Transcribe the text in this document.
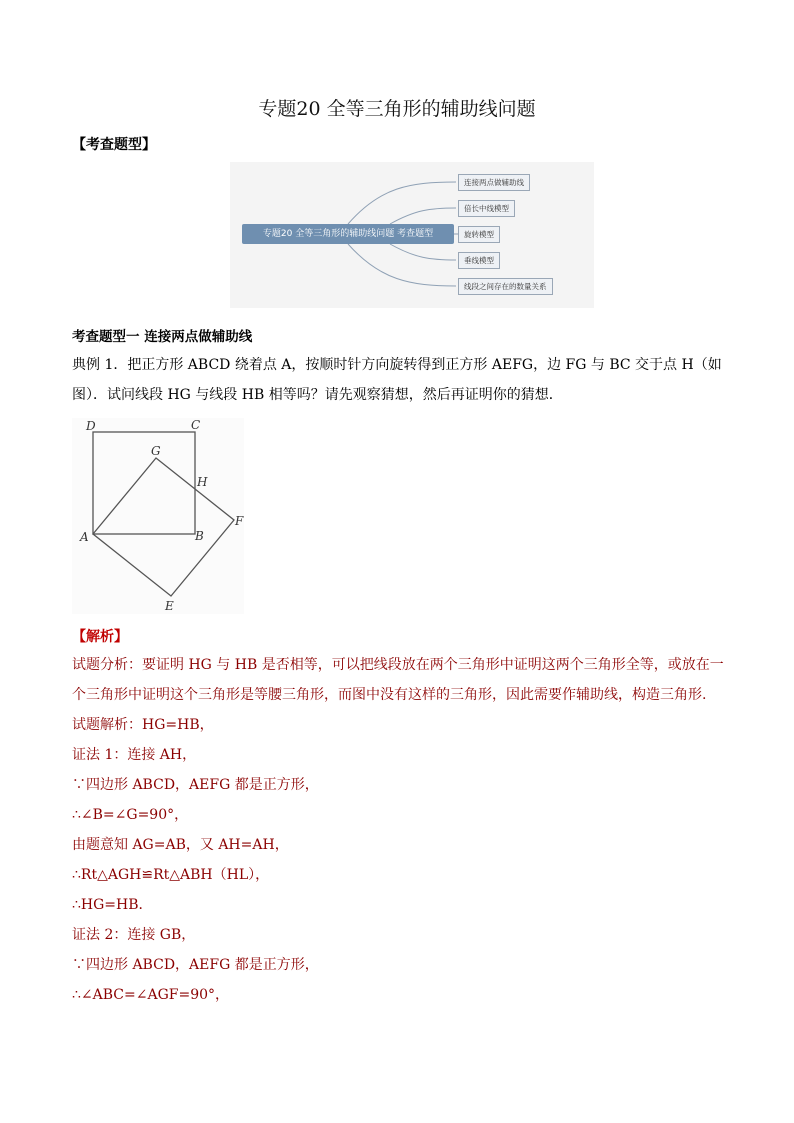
专题20 全等三角形的辅助线问题
【考查题型】
专题20 全等三角形的辅助线问题 考查题型
连接两点做辅助线
倍长中线模型
旋转模型
垂线模型
线段之间存在的数量关系
考查题型一 连接两点做辅助线
典例 1．把正方形 ABCD 绕着点 A，按顺时针方向旋转得到正方形 AEFG，边 FG 与 BC 交于点 H（如
图）．试问线段 HG 与线段 HB 相等吗？请先观察猜想，然后再证明你的猜想．
D	C
G
H
F
A	B
E
【解析】
试题分析：要证明 HG 与 HB 是否相等，可以把线段放在两个三角形中证明这两个三角形全等，或放在一
个三角形中证明这个三角形是等腰三角形，而图中没有这样的三角形，因此需要作辅助线，构造三角形.
试题解析：HG=HB，
证法 1：连接 AH，
∵四边形 ABCD，AEFG 都是正方形，
∴∠B=∠G=90°，
由题意知 AG=AB，又 AH=AH，
∴Rt△AGH≌Rt△ABH（HL），
∴HG=HB．
证法 2：连接 GB，
∵四边形 ABCD，AEFG 都是正方形，
∴∠ABC=∠AGF=90°，
